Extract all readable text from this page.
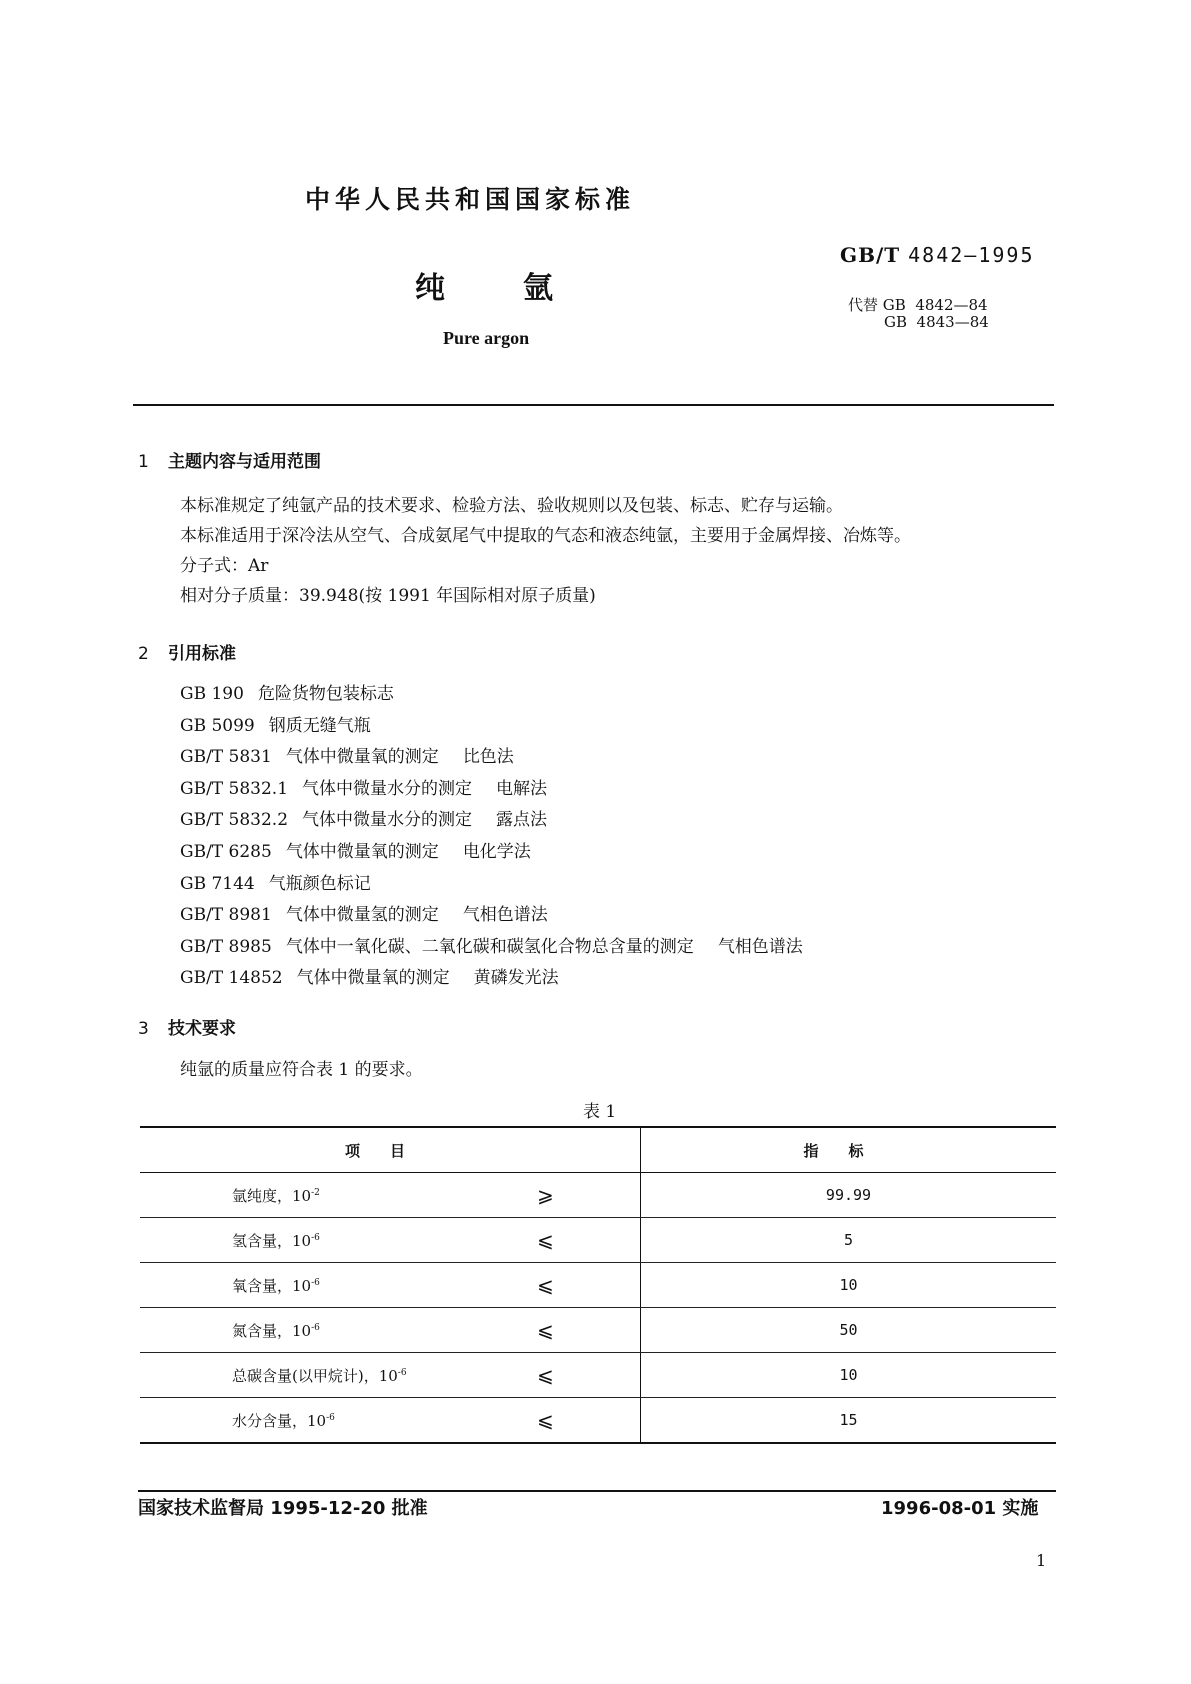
中华人民共和国国家标准
GB/T 4842—1995
纯	氩	代替 GB  4842—84
GB  4843—84
Pure argon
1 主题内容与适用范围
本标准规定了纯氩产品的技术要求、检验方法、验收规则以及包装、标志、贮存与运输。
本标准适用于深冷法从空气、合成氨尾气中提取的气态和液态纯氩，主要用于金属焊接、冶炼等。
分子式：Ar
相对分子质量：39.948(按 1991 年国际相对原子质量)
2 引用标准
GB 190 危险货物包装标志
GB 5099 钢质无缝气瓶
GB/T 5831 气体中微量氧的测定 比色法
GB/T 5832.1 气体中微量水分的测定 电解法
GB/T 5832.2 气体中微量水分的测定 露点法
GB/T 6285 气体中微量氧的测定 电化学法
GB 7144 气瓶颜色标记
GB/T 8981 气体中微量氢的测定 气相色谱法
GB/T 8985 气体中一氧化碳、二氧化碳和碳氢化合物总含量的测定 气相色谱法
GB/T 14852 气体中微量氧的测定 黄磷发光法
3 技术要求
纯氩的质量应符合表 1 的要求。
表 1
项目		指标
氩纯度，$10^{-2}$	⩾	99.99
氢含量，$10^{-6}$	⩽	5
氧含量，$10^{-6}$	⩽	10
氮含量，$10^{-6}$	⩽	50
总碳含量(以甲烷计)，$10^{-6}$	⩽	10
水分含量，$10^{-6}$	⩽	15
国家技术监督局 1995-12-20 批准	1996-08-01 实施
1
